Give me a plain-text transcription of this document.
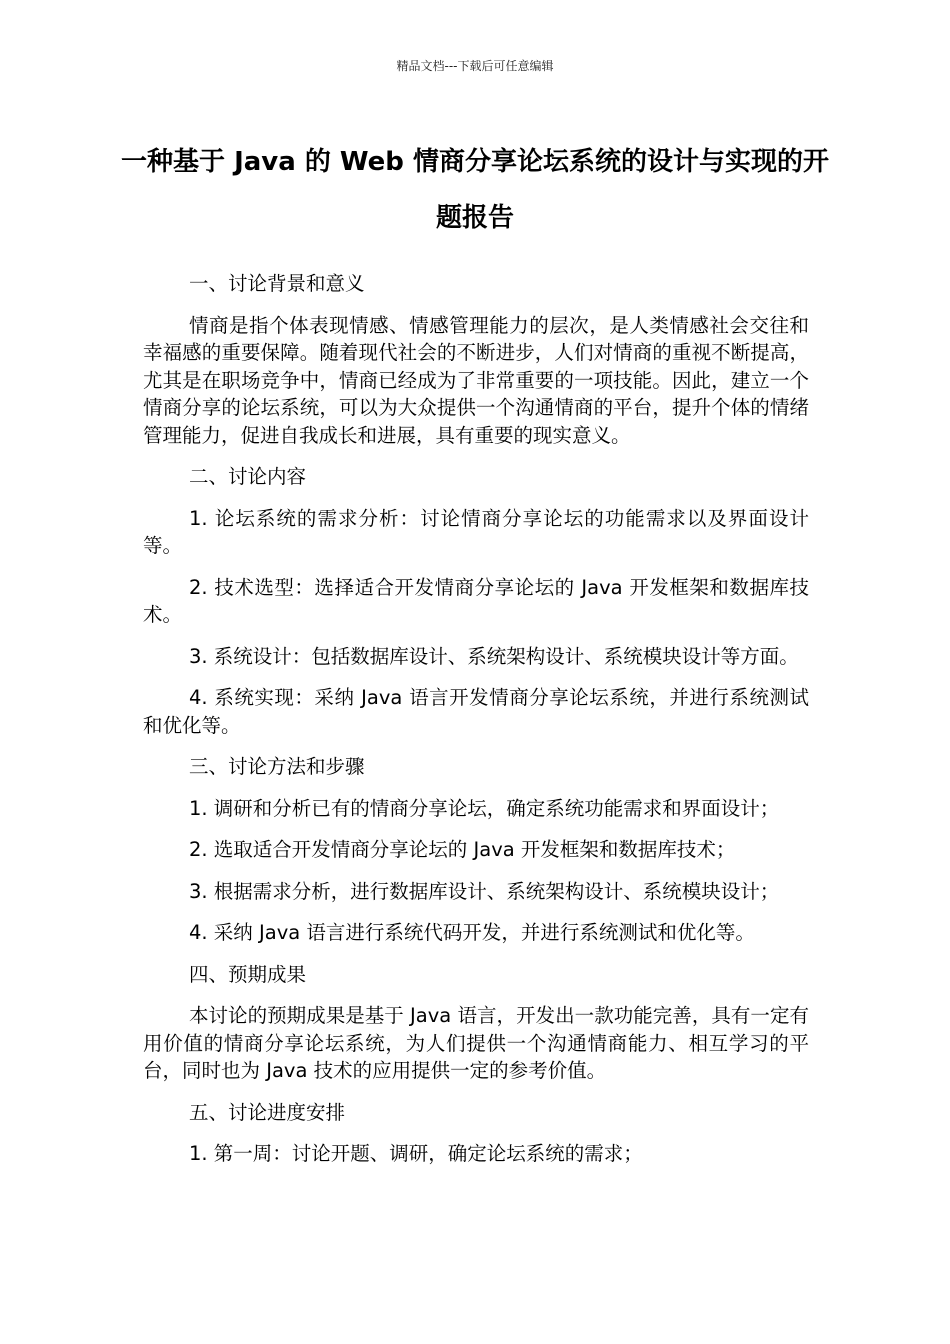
精品文档---下载后可任意编辑
一种基于 Java 的 Web 情商分享论坛系统的设计与实现的开题报告

一、讨论背景和意义

情商是指个体表现情感、情感管理能力的层次，是人类情感社会交往和幸福感的重要保障。随着现代社会的不断进步，人们对情商的重视不断提高，尤其是在职场竞争中，情商已经成为了非常重要的一项技能。因此，建立一个情商分享的论坛系统，可以为大众提供一个沟通情商的平台，提升个体的情绪管理能力，促进自我成长和进展，具有重要的现实意义。

二、讨论内容

1. 论坛系统的需求分析：讨论情商分享论坛的功能需求以及界面设计等。

2. 技术选型：选择适合开发情商分享论坛的 Java 开发框架和数据库技术。

3. 系统设计：包括数据库设计、系统架构设计、系统模块设计等方面。

4. 系统实现：采纳 Java 语言开发情商分享论坛系统，并进行系统测试和优化等。

三、讨论方法和步骤

1. 调研和分析已有的情商分享论坛，确定系统功能需求和界面设计；

2. 选取适合开发情商分享论坛的 Java 开发框架和数据库技术；

3. 根据需求分析，进行数据库设计、系统架构设计、系统模块设计；

4. 采纳 Java 语言进行系统代码开发，并进行系统测试和优化等。

四、预期成果

本讨论的预期成果是基于 Java 语言，开发出一款功能完善，具有一定有用价值的情商分享论坛系统，为人们提供一个沟通情商能力、相互学习的平台，同时也为 Java 技术的应用提供一定的参考价值。

五、讨论进度安排

1. 第一周：讨论开题、调研，确定论坛系统的需求；
